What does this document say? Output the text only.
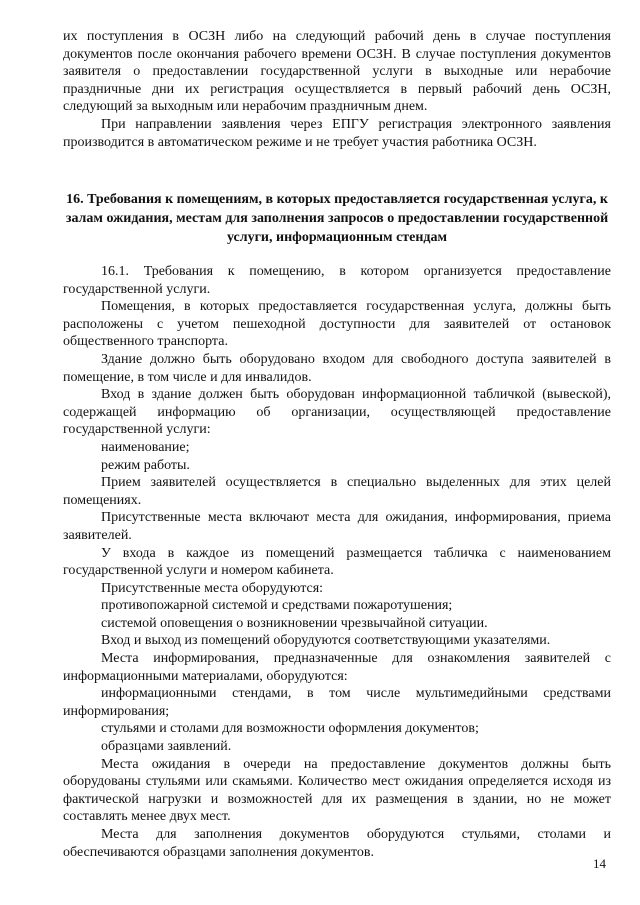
их поступления в ОСЗН либо на следующий рабочий день в случае поступления документов после окончания рабочего времени ОСЗН. В случае поступления документов заявителя о предоставлении государственной услуги в выходные или нерабочие праздничные дни их регистрация осуществляется в первый рабочий день ОСЗН, следующий за выходным или нерабочим праздничным днем.

При направлении заявления через ЕПГУ регистрация электронного заявления производится в автоматическом режиме и не требует участия работника ОСЗН.

16. Требования к помещениям, в которых предоставляется государственная услуга, к залам ожидания, местам для заполнения запросов о предоставлении государственной услуги, информационным стендам

16.1. Требования к помещению, в котором организуется предоставление государственной услуги.

Помещения, в которых предоставляется государственная услуга, должны быть расположены с учетом пешеходной доступности для заявителей от остановок общественного транспорта.

Здание должно быть оборудовано входом для свободного доступа заявителей в помещение, в том числе и для инвалидов.

Вход в здание должен быть оборудован информационной табличкой (вывеской), содержащей информацию об организации, осуществляющей предоставление государственной услуги:

наименование;

режим работы.

Прием заявителей осуществляется в специально выделенных для этих целей помещениях.

Присутственные места включают места для ожидания, информирования, приема заявителей.

У входа в каждое из помещений размещается табличка с наименованием государственной услуги и номером кабинета.

Присутственные места оборудуются:

противопожарной системой и средствами пожаротушения;

системой оповещения о возникновении чрезвычайной ситуации.

Вход и выход из помещений оборудуются соответствующими указателями.

Места информирования, предназначенные для ознакомления заявителей с информационными материалами, оборудуются:

информационными стендами, в том числе мультимедийными средствами информирования;

стульями и столами для возможности оформления документов;

образцами заявлений.

Места ожидания в очереди на предоставление документов должны быть оборудованы стульями или скамьями. Количество мест ожидания определяется исходя из фактической нагрузки и возможностей для их размещения в здании, но не может составлять менее двух мест.

Места для заполнения документов оборудуются стульями, столами и обеспечиваются образцами заполнения документов.

14
